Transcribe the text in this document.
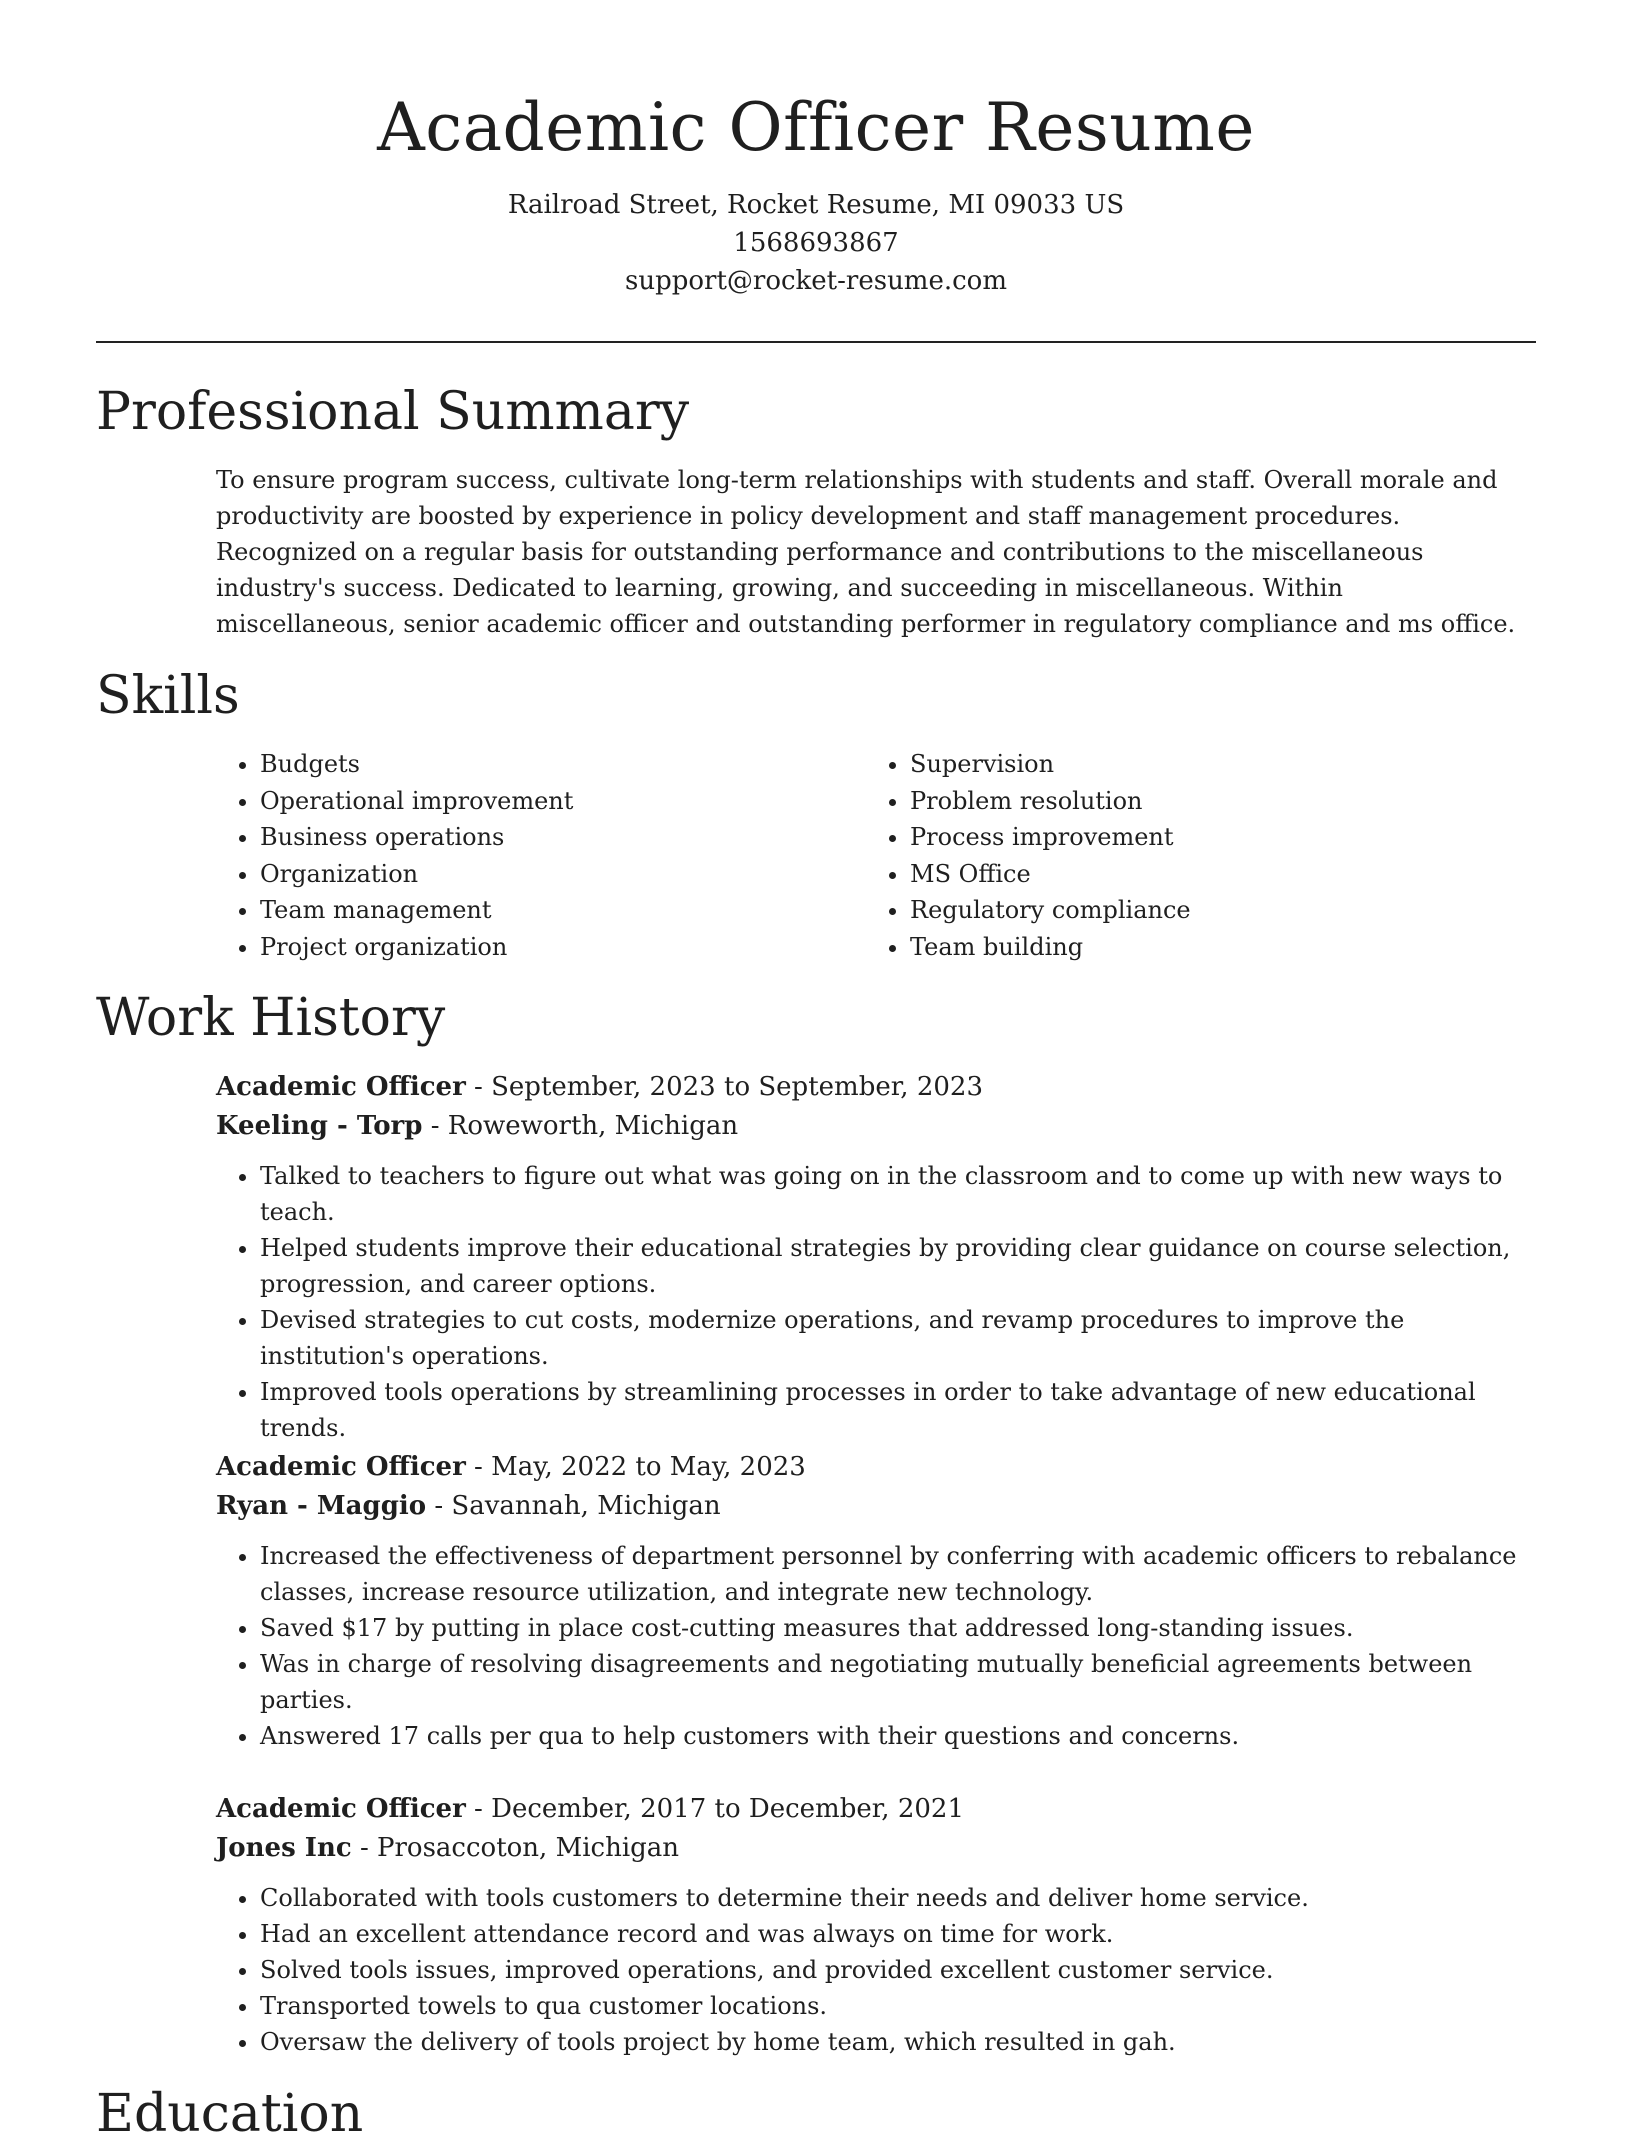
Academic Officer Resume
Railroad Street, Rocket Resume, MI 09033 US
1568693867
support@rocket-resume.com
Professional Summary

To ensure program success, cultivate long-term relationships with students and staff. Overall morale and productivity are boosted by experience in policy development and staff management procedures. Recognized on a regular basis for outstanding performance and contributions to the miscellaneous industry's success. Dedicated to learning, growing, and succeeding in miscellaneous. Within miscellaneous, senior academic officer and outstanding performer in regulatory compliance and ms office.

Skills
• Budgets
• Operational improvement
• Business operations
• Organization
• Team management
• Project organization
• Supervision
• Problem resolution
• Process improvement
• MS Office
• Regulatory compliance
• Team building
Work History
Academic Officer - September, 2023 to September, 2023
Keeling - Torp - Roweworth, Michigan
• Talked to teachers to figure out what was going on in the classroom and to come up with new ways to teach.
• Helped students improve their educational strategies by providing clear guidance on course selection, progression, and career options.
• Devised strategies to cut costs, modernize operations, and revamp procedures to improve the institution's operations.
• Improved tools operations by streamlining processes in order to take advantage of new educational trends.
Academic Officer - May, 2022 to May, 2023
Ryan - Maggio - Savannah, Michigan
• Increased the effectiveness of department personnel by conferring with academic officers to rebalance classes, increase resource utilization, and integrate new technology.
• Saved $17 by putting in place cost-cutting measures that addressed long-standing issues.
• Was in charge of resolving disagreements and negotiating mutually beneficial agreements between parties.
• Answered 17 calls per qua to help customers with their questions and concerns.
Academic Officer - December, 2017 to December, 2021
Jones Inc - Prosaccoton, Michigan
• Collaborated with tools customers to determine their needs and deliver home service.
• Had an excellent attendance record and was always on time for work.
• Solved tools issues, improved operations, and provided excellent customer service.
• Transported towels to qua customer locations.
• Oversaw the delivery of tools project by home team, which resulted in gah.
Education
